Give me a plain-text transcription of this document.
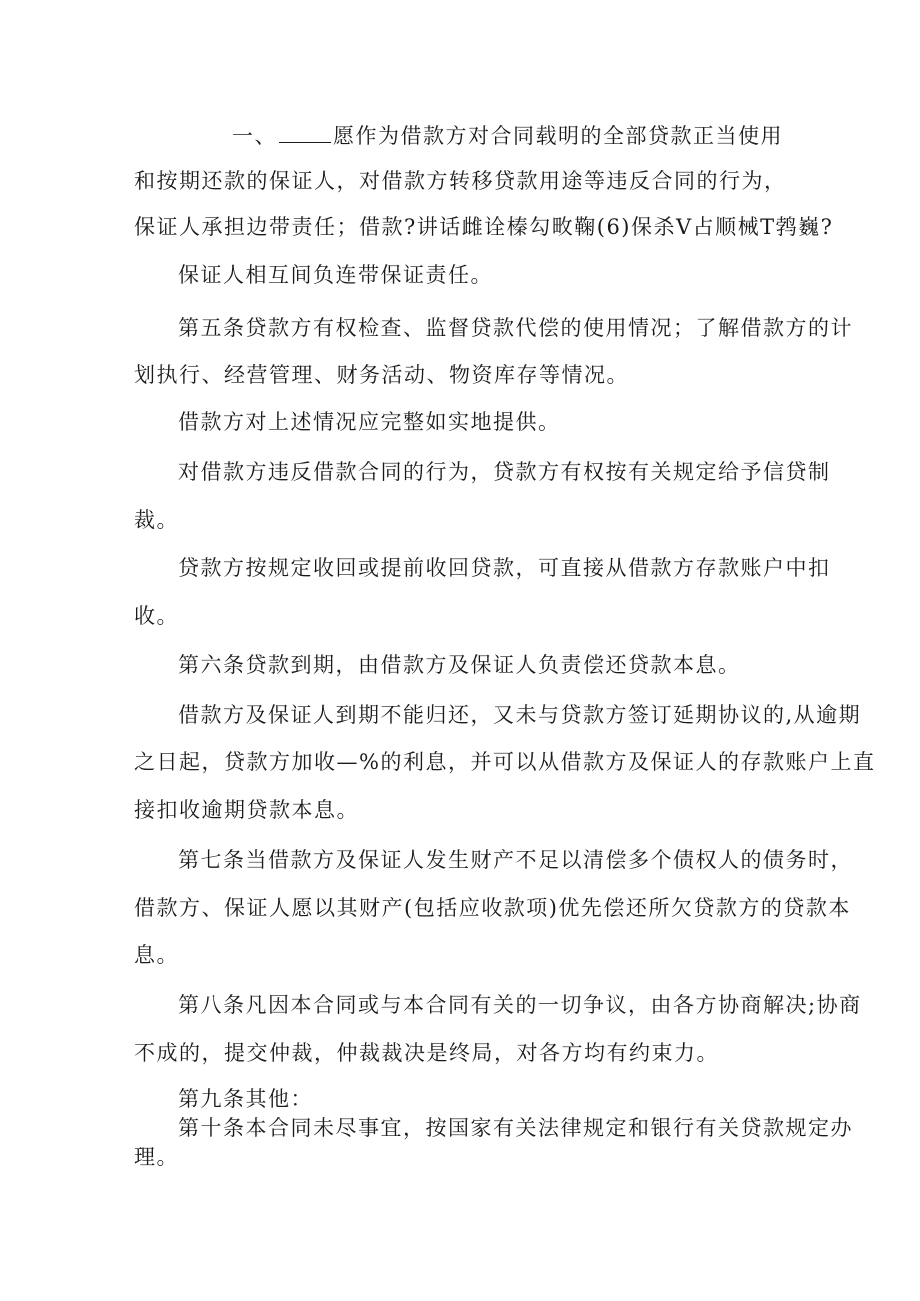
一、	愿作为借款方对合同载明的全部贷款正当使用
和按期还款的保证人，对借款方转移贷款用途等违反合同的行为，
保证人承担边带责任；借款?讲话雌诠榛勾畋鞠(6)保杀V占顺械T鹁巍?
保证人相互间负连带保证责任。
第五条贷款方有权检查、监督贷款代偿的使用情况；了解借款方的计
划执行、经营管理、财务活动、物资库存等情况。
借款方对上述情况应完整如实地提供。
对借款方违反借款合同的行为，贷款方有权按有关规定给予信贷制
裁。
贷款方按规定收回或提前收回贷款，可直接从借款方存款账户中扣
收。
第六条贷款到期，由借款方及保证人负责偿还贷款本息。
借款方及保证人到期不能归还，又未与贷款方签订延期协议的,从逾期
之日起，贷款方加收—%的利息，并可以从借款方及保证人的存款账户上直
接扣收逾期贷款本息。
第七条当借款方及保证人发生财产不足以清偿多个债权人的债务时，
借款方、保证人愿以其财产(包括应收款项)优先偿还所欠贷款方的贷款本
息。
第八条凡因本合同或与本合同有关的一切争议，由各方协商解决;协商
不成的，提交仲裁，仲裁裁决是终局，对各方均有约束力。
第九条其他：
第十条本合同未尽事宜，按国家有关法律规定和银行有关贷款规定办
理。
